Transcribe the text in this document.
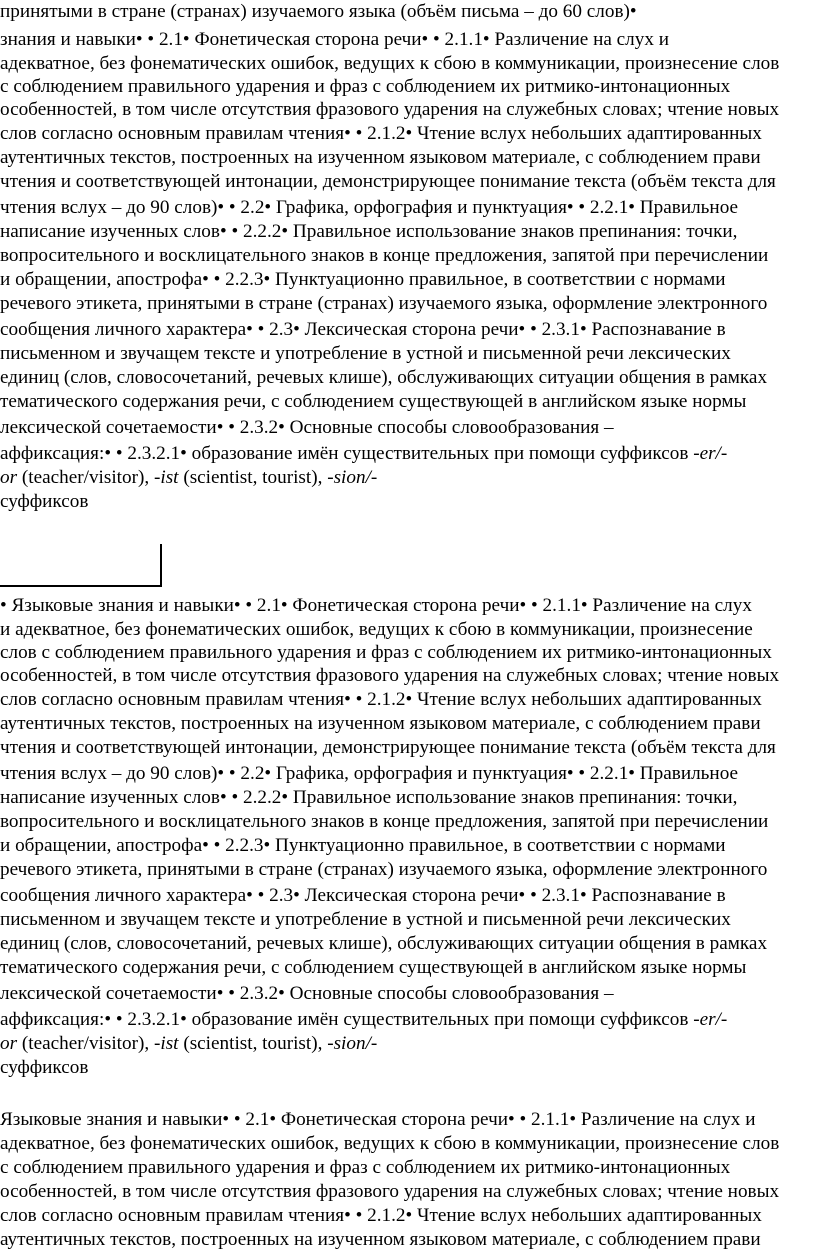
принятыми в стране (странах) изучаемого языка (объём письма – до 60 слов)•
знания и навыки• • 2.1• Фонетическая сторона речи• • 2.1.1• Различение на слух и
адекватное, без фонематических ошибок, ведущих к сбою в коммуникации, произнесение слов
с соблюдением правильного ударения и фраз с соблюдением их ритмико-интонационных
особенностей, в том числе отсутствия фразового ударения на служебных словах; чтение новых
слов согласно основным правилам чтения• • 2.1.2• Чтение вслух небольших адаптированных
аутентичных текстов, построенных на изученном языковом материале, с соблюдением прави
чтения и соответствующей интонации, демонстрирующее понимание текста (объём текста для
чтения вслух – до 90 слов)• • 2.2• Графика, орфография и пунктуация• • 2.2.1• Правильное
написание изученных слов• • 2.2.2• Правильное использование знаков препинания: точки,
вопросительного и восклицательного знаков в конце предложения, запятой при перечислении
и обращении, апострофа• • 2.2.3• Пунктуационно правильное, в соответствии с нормами
речевого этикета, принятыми в стране (странах) изучаемого языка, оформление электронного
сообщения личного характера• • 2.3• Лексическая сторона речи• • 2.3.1• Распознавание в
письменном и звучащем тексте и употребление в устной и письменной речи лексических
единиц (слов, словосочетаний, речевых клише), обслуживающих ситуации общения в рамках
тематического содержания речи, с соблюдением существующей в английском языке нормы
лексической сочетаемости• • 2.3.2• Основные способы словообразования –
аффиксация:• • 2.3.2.1• образование имён существительных при помощи суффиксов -er/-
or (teacher/visitor), -ist (scientist, tourist), -sion/-
суффиксов
• Языковые знания и навыки• • 2.1• Фонетическая сторона речи• • 2.1.1• Различение на слух
и адекватное, без фонематических ошибок, ведущих к сбою в коммуникации, произнесение
слов с соблюдением правильного ударения и фраз с соблюдением их ритмико-интонационных
особенностей, в том числе отсутствия фразового ударения на служебных словах; чтение новых
слов согласно основным правилам чтения• • 2.1.2• Чтение вслух небольших адаптированных
аутентичных текстов, построенных на изученном языковом материале, с соблюдением прави
чтения и соответствующей интонации, демонстрирующее понимание текста (объём текста для
чтения вслух – до 90 слов)• • 2.2• Графика, орфография и пунктуация• • 2.2.1• Правильное
написание изученных слов• • 2.2.2• Правильное использование знаков препинания: точки,
вопросительного и восклицательного знаков в конце предложения, запятой при перечислении
и обращении, апострофа• • 2.2.3• Пунктуационно правильное, в соответствии с нормами
речевого этикета, принятыми в стране (странах) изучаемого языка, оформление электронного
сообщения личного характера• • 2.3• Лексическая сторона речи• • 2.3.1• Распознавание в
письменном и звучащем тексте и употребление в устной и письменной речи лексических
единиц (слов, словосочетаний, речевых клише), обслуживающих ситуации общения в рамках
тематического содержания речи, с соблюдением существующей в английском языке нормы
лексической сочетаемости• • 2.3.2• Основные способы словообразования –
аффиксация:• • 2.3.2.1• образование имён существительных при помощи суффиксов -er/-
or (teacher/visitor), -ist (scientist, tourist), -sion/-
суффиксов
Языковые знания и навыки• • 2.1• Фонетическая сторона речи• • 2.1.1• Различение на слух и
адекватное, без фонематических ошибок, ведущих к сбою в коммуникации, произнесение слов
с соблюдением правильного ударения и фраз с соблюдением их ритмико-интонационных
особенностей, в том числе отсутствия фразового ударения на служебных словах; чтение новых
слов согласно основным правилам чтения• • 2.1.2• Чтение вслух небольших адаптированных
аутентичных текстов, построенных на изученном языковом материале, с соблюдением прави
